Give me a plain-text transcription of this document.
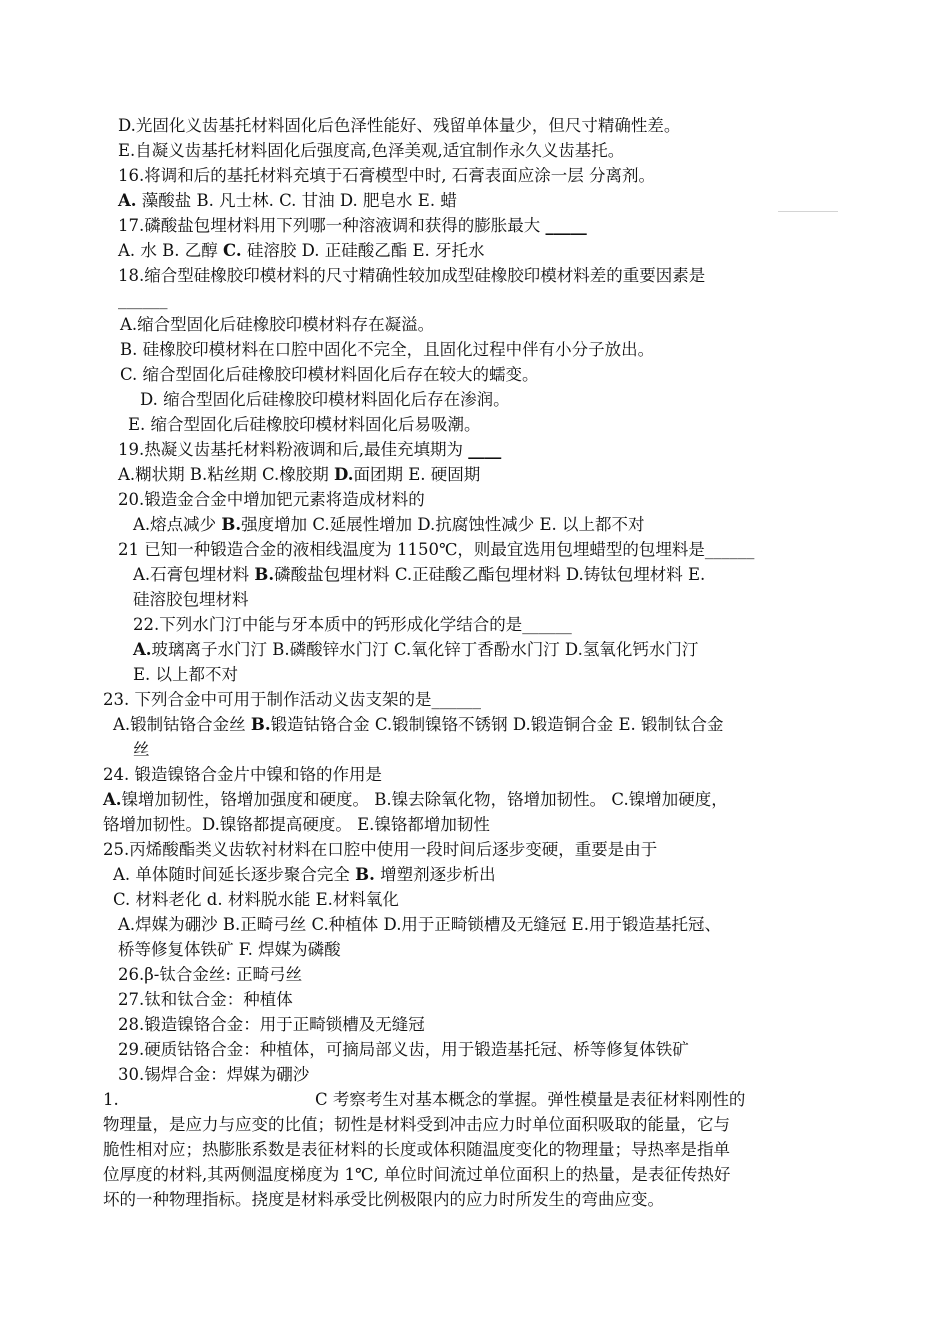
D.光固化义齿基托材料固化后色泽性能好、残留单体量少，但尺寸精确性差。
E.自凝义齿基托材料固化后强度高,色泽美观,适宜制作永久义齿基托。
16.将调和后的基托材料充填于石膏模型中时, 石膏表面应涂一层 分离剂。
A. 藻酸盐 B. 凡士林. C. 甘油 D. 肥皂水 E. 蜡
17.磷酸盐包埋材料用下列哪一种溶液调和获得的膨胀最大 _____
A. 水 B. 乙醇 C. 硅溶胶 D. 正硅酸乙酯 E. 牙托水
18.缩合型硅橡胶印模材料的尺寸精确性较加成型硅橡胶印模材料差的重要因素是
______
A.缩合型固化后硅橡胶印模材料存在凝溢。
B. 硅橡胶印模材料在口腔中固化不完全，且固化过程中伴有小分子放出。
C. 缩合型固化后硅橡胶印模材料固化后存在较大的蠕变。
D. 缩合型固化后硅橡胶印模材料固化后存在渗润。
E. 缩合型固化后硅橡胶印模材料固化后易吸潮。
19.热凝义齿基托材料粉液调和后,最佳充填期为 ____
A.糊状期 B.粘丝期 C.橡胶期 D.面团期 E. 硬固期
20.锻造金合金中增加钯元素将造成材料的
A.熔点减少 B.强度增加 C.延展性增加 D.抗腐蚀性减少 E. 以上都不对
21 已知一种锻造合金的液相线温度为 1150℃，则最宜选用包埋蜡型的包埋料是______
A.石膏包埋材料 B.磷酸盐包埋材料 C.正硅酸乙酯包埋材料 D.铸钛包埋材料 E.
硅溶胶包埋材料
22.下列水门汀中能与牙本质中的钙形成化学结合的是______
A.玻璃离子水门汀 B.磷酸锌水门汀 C.氧化锌丁香酚水门汀 D.氢氧化钙水门汀
E. 以上都不对
23. 下列合金中可用于制作活动义齿支架的是______
A.锻制钴铬合金丝 B.锻造钴铬合金 C.锻制镍铬不锈钢 D.锻造铜合金 E. 锻制钛合金
丝
24. 锻造镍铬合金片中镍和铬的作用是
A.镍增加韧性，铬增加强度和硬度。 B.镍去除氧化物，铬增加韧性。 C.镍增加硬度，
铬增加韧性。D.镍铬都提高硬度。 E.镍铬都增加韧性
25.丙烯酸酯类义齿软衬材料在口腔中使用一段时间后逐步变硬，重要是由于
A. 单体随时间延长逐步聚合完全 B. 增塑剂逐步析出
C. 材料老化 d. 材料脱水能 E.材料氧化
A.焊媒为硼沙 B.正畸弓丝 C.种植体 D.用于正畸锁槽及无缝冠 E.用于锻造基托冠、
桥等修复体铁矿 F. 焊媒为磷酸
26.β-钛合金丝: 正畸弓丝
27.钛和钛合金：种植体
28.锻造镍铬合金：用于正畸锁槽及无缝冠
29.硬质钴铬合金：种植体，可摘局部义齿，用于锻造基托冠、桥等修复体铁矿
30.锡焊合金：焊媒为硼沙
1.	C 考察考生对基本概念的掌握。弹性模量是表征材料刚性的
物理量，是应力与应变的比值；韧性是材料受到冲击应力时单位面积吸取的能量，它与
脆性相对应；热膨胀系数是表征材料的长度或体积随温度变化的物理量；导热率是指单
位厚度的材料,其两侧温度梯度为 1℃, 单位时间流过单位面积上的热量，是表征传热好
坏的一种物理指标。挠度是材料承受比例极限内的应力时所发生的弯曲应变。
